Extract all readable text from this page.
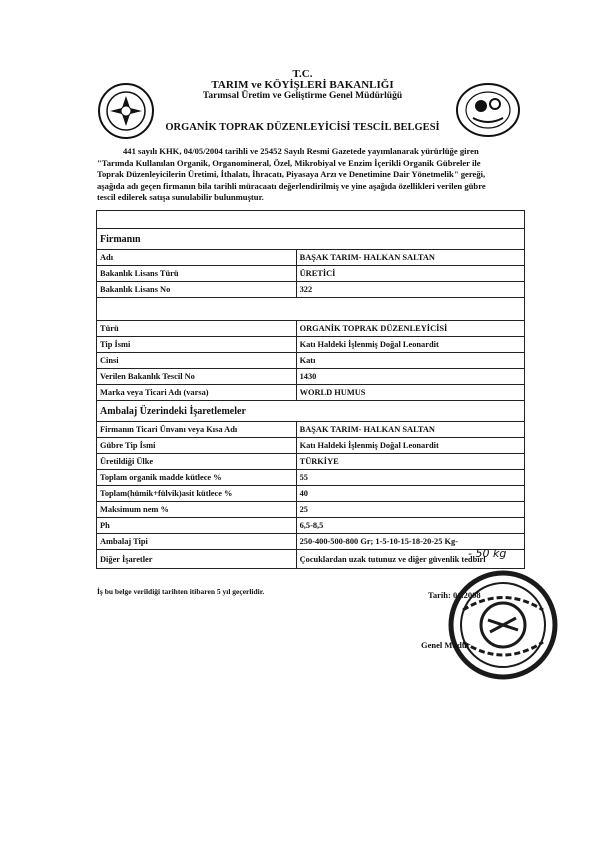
T.C.
TARIM ve KÖYİŞLERİ BAKANLIĞI
Tarımsal Üretim ve Geliştirme Genel Müdürlüğü
ORGANİK TOPRAK DÜZENLEYİCİSİ TESCİL BELGESİ
441 sayılı KHK, 04/05/2004 tarihli ve 25452 Sayılı Resmi Gazetede yayımlanarak yürürlüğe giren
"Tarımda Kullanılan Organik, Organomineral, Özel, Mikrobiyal ve Enzim İçerikli Organik Gübreler ile
Toprak Düzenleyicilerin Üretimi, İthalatı, İhracatı, Piyasaya Arzı ve Denetimine Dair Yönetmelik" gereği,
aşağıda adı geçen firmanın bila tarihli müracaatı değerlendirilmiş ve yine aşağıda özellikleri verilen gübre
tescil edilerek satışa sunulabilir bulunmuştur.

Firmanın	
Adı	BAŞAK TARIM- HALKAN SALTAN
Bakanlık Lisans Türü	ÜRETİCİ
Bakanlık Lisans No	322

Türü	ORGANİK TOPRAK DÜZENLEYİCİSİ
Tip İsmi	Katı Haldeki İşlenmiş Doğal Leonardit
Cinsi	Katı
Verilen Bakanlık Tescil No	1430
Marka veya Ticari Adı (varsa)	WORLD HUMUS
Ambalaj Üzerindeki İşaretlemeler	
Firmanın Ticari Ünvanı veya Kısa Adı	BAŞAK TARIM- HALKAN SALTAN
Gübre Tip İsmi	Katı Haldeki İşlenmiş Doğal Leonardit
Üretildiği Ülke	TÜRKİYE
Toplam organik madde kütlece %	55
Toplam(hümik+fülvik)asit kütlece %	40
Maksimum nem %	25
Ph	6,5-8,5
Ambalaj Tipi	250-400-500-800 Gr; 1-5-10-15-18-20-25 Kg-
Diğer İşaretler	Çocuklardan uzak tutunuz ve diğer güvenlik tedbirl
- 50 kg
İş bu belge verildiği tarihten itibaren 5 yıl geçerlidir.	Tarih: 01.2008
Genel Müdür
